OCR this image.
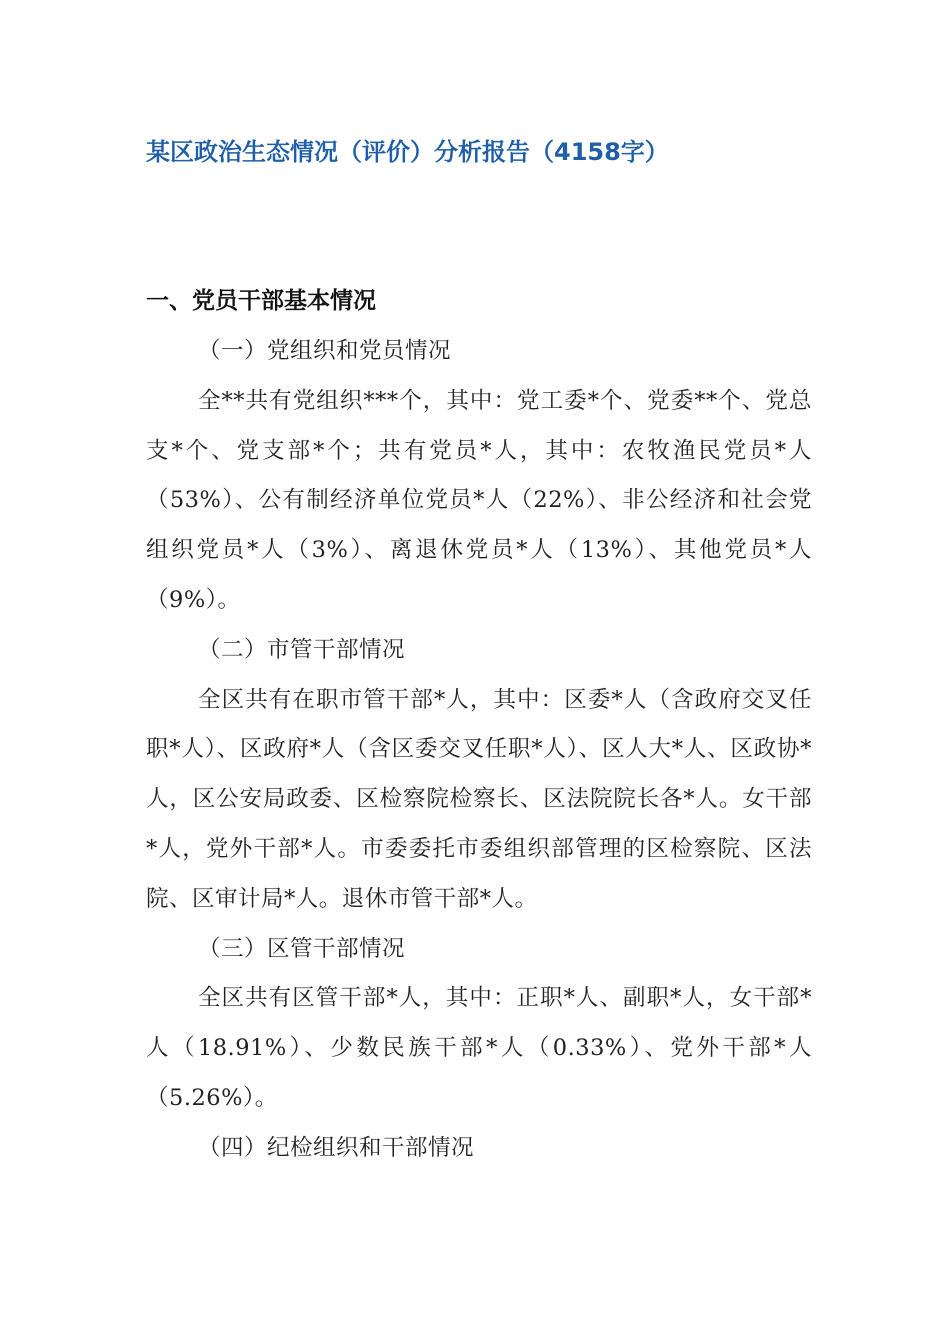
某区政治生态情况（评价）分析报告（4158字）
一、党员干部基本情况

（一）党组织和党员情况

全**共有党组织***个，其中：党工委*个、党委**个、党总支*个、党支部*个；共有党员*人，其中：农牧渔民党员*人（53%）、公有制经济单位党员*人（22%）、非公经济和社会党组织党员*人（3%）、离退休党员*人（13%）、其他党员*人（9%）。

（二）市管干部情况

全区共有在职市管干部*人，其中：区委*人（含政府交叉任职*人）、区政府*人（含区委交叉任职*人）、区人大*人、区政协*人，区公安局政委、区检察院检察长、区法院院长各*人。女干部*人，党外干部*人。市委委托市委组织部管理的区检察院、区法院、区审计局*人。退休市管干部*人。

（三）区管干部情况

全区共有区管干部*人，其中：正职*人、副职*人，女干部*人（18.91%）、少数民族干部*人（0.33%）、党外干部*人（5.26%）。

（四）纪检组织和干部情况
